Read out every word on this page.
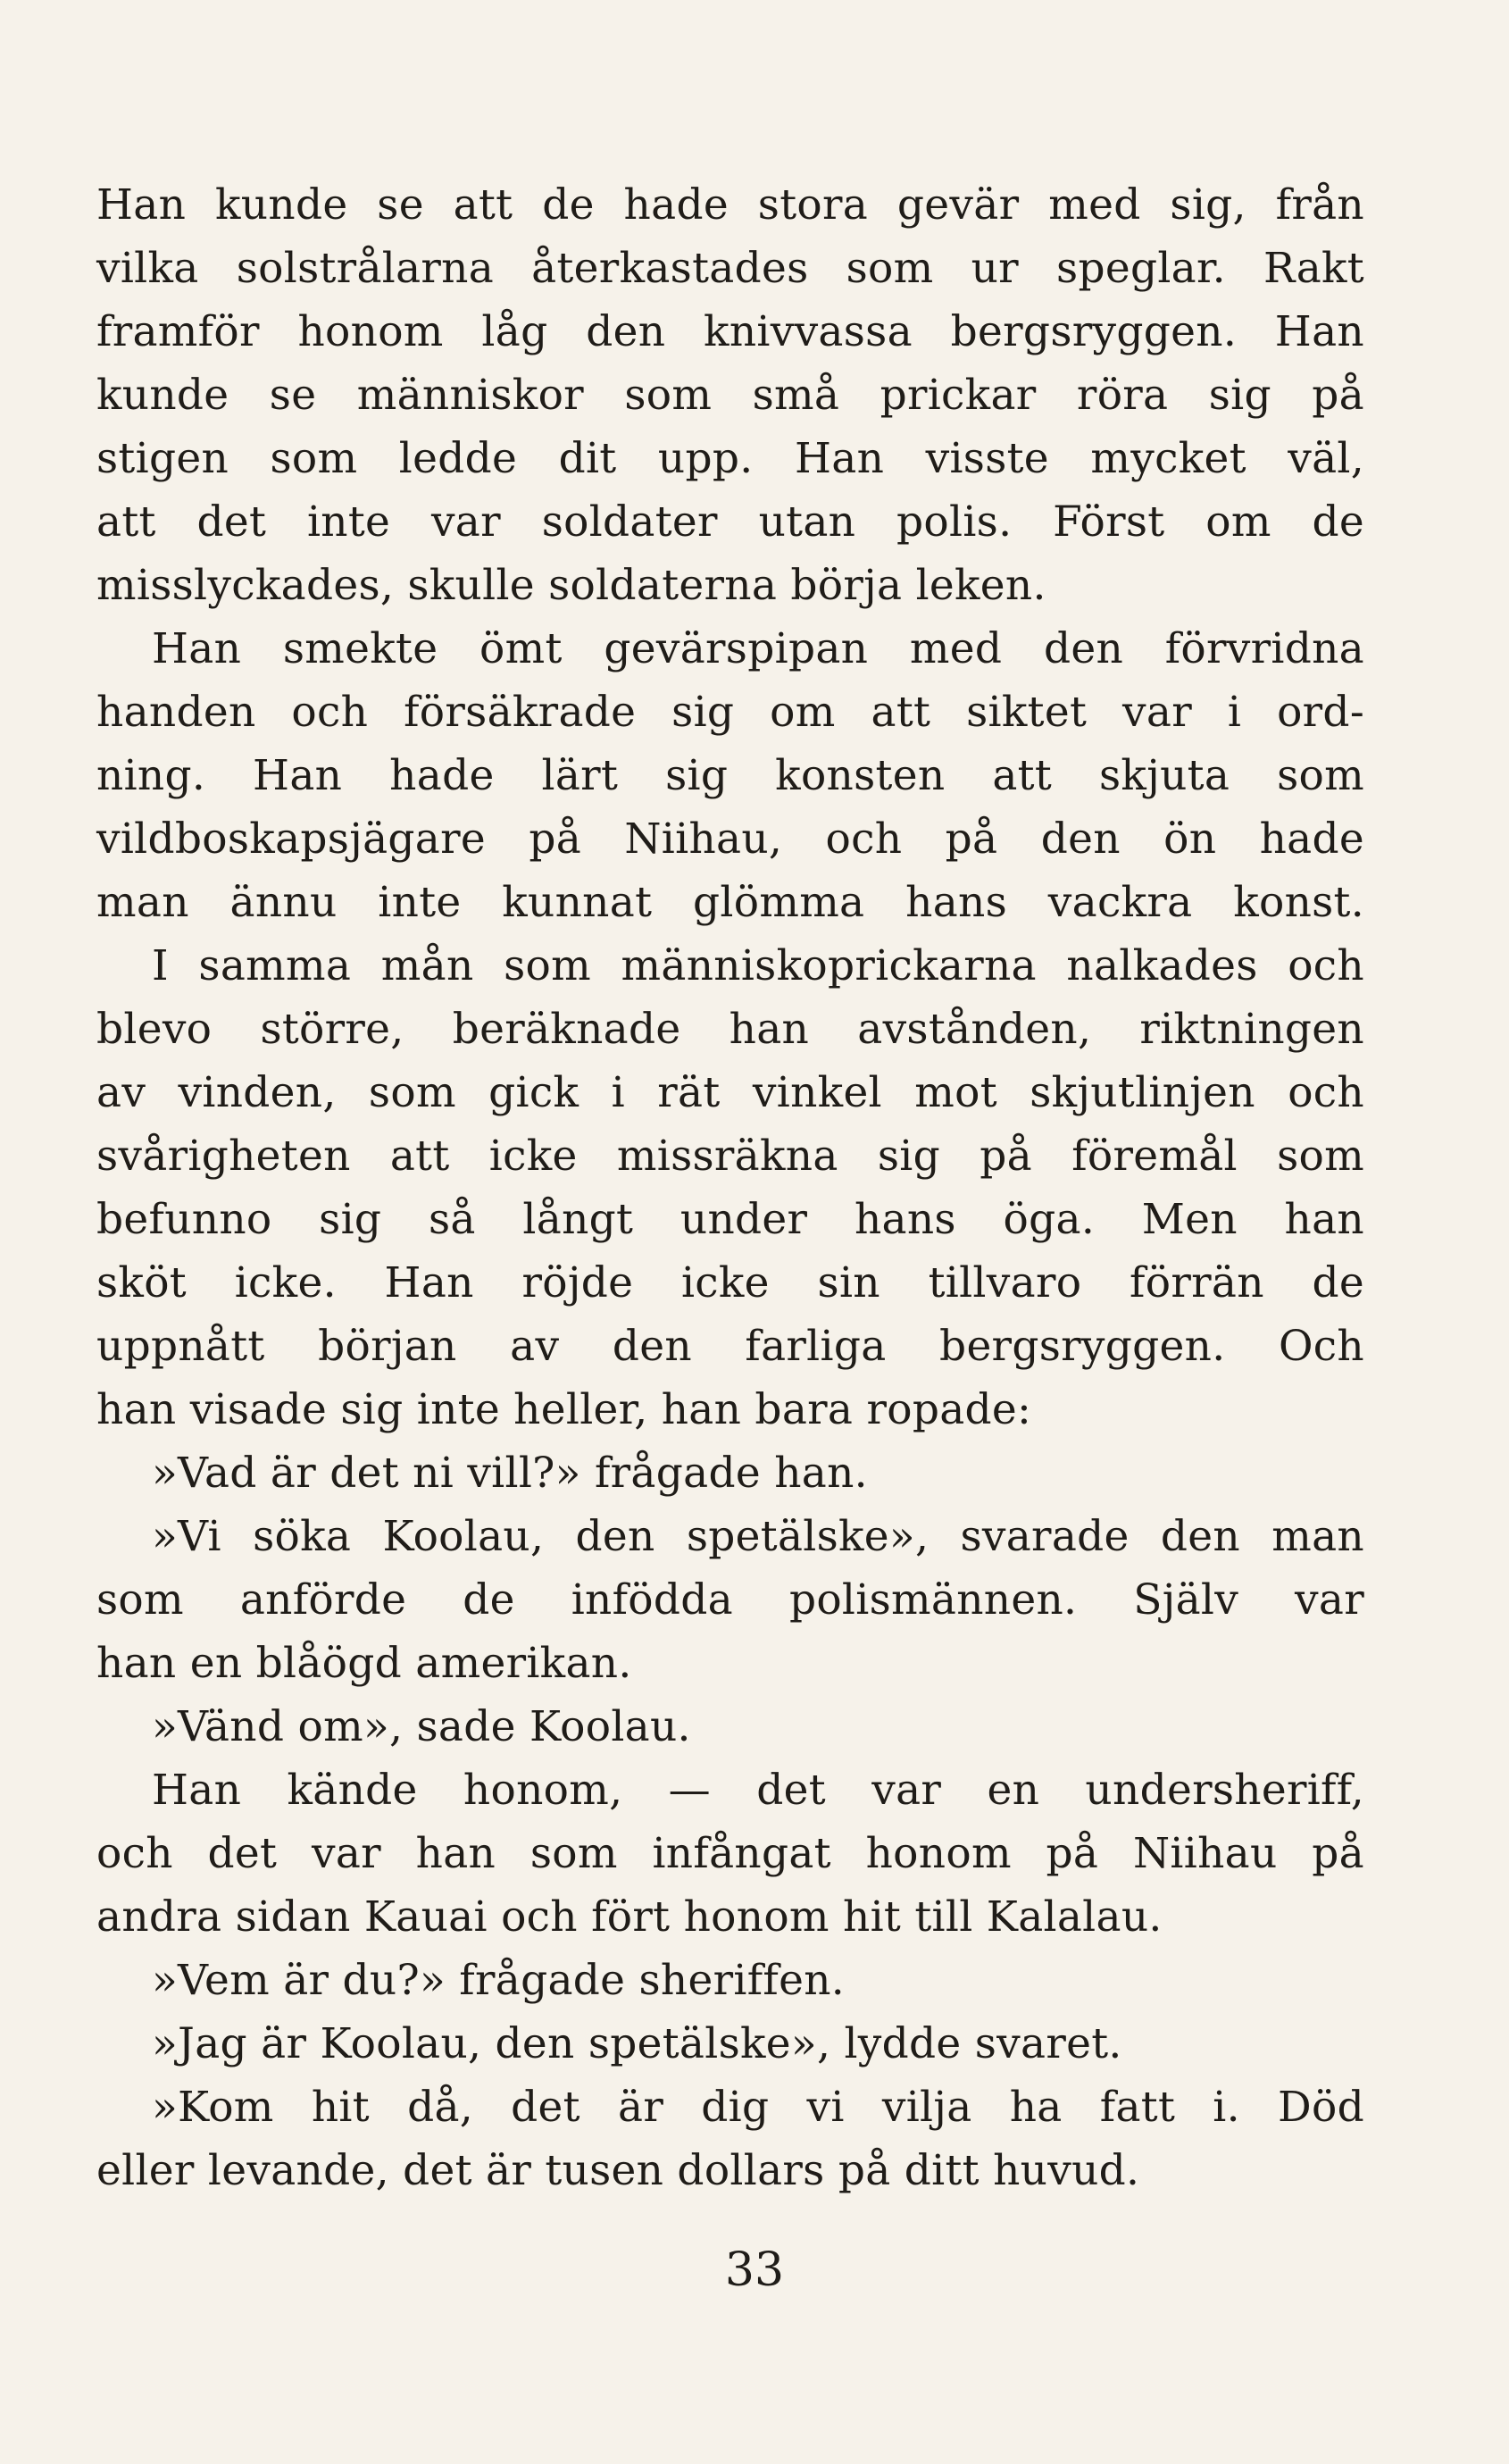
Han kunde se att de hade stora gevär med sig, från
vilka solstrålarna återkastades som ur speglar. Rakt
framför honom låg den knivvassa bergsryggen. Han
kunde se människor som små prickar röra sig på
stigen som ledde dit upp. Han visste mycket väl,
att det inte var soldater utan polis. Först om de
misslyckades, skulle soldaterna börja leken.
Han smekte ömt gevärspipan med den förvridna
handen och försäkrade sig om att siktet var i ord-
ning. Han hade lärt sig konsten att skjuta som
vildboskapsjägare på Niihau, och på den ön hade
man ännu inte kunnat glömma hans vackra konst.
I samma mån som människoprickarna nalkades och
blevo större, beräknade han avstånden, riktningen
av vinden, som gick i rät vinkel mot skjutlinjen och
svårigheten att icke missräkna sig på föremål som
befunno sig så långt under hans öga. Men han
sköt icke. Han röjde icke sin tillvaro förrän de
uppnått början av den farliga bergsryggen. Och
han visade sig inte heller, han bara ropade:
»Vad är det ni vill?» frågade han.
»Vi söka Koolau, den spetälske», svarade den man
som anförde de infödda polismännen. Själv var
han en blåögd amerikan.
»Vänd om», sade Koolau.
Han kände honom, — det var en undersheriff,
och det var han som infångat honom på Niihau på
andra sidan Kauai och fört honom hit till Kalalau.
»Vem är du?» frågade sheriffen.
»Jag är Koolau, den spetälske», lydde svaret.
»Kom hit då, det är dig vi vilja ha fatt i. Död
eller levande, det är tusen dollars på ditt huvud.
33
